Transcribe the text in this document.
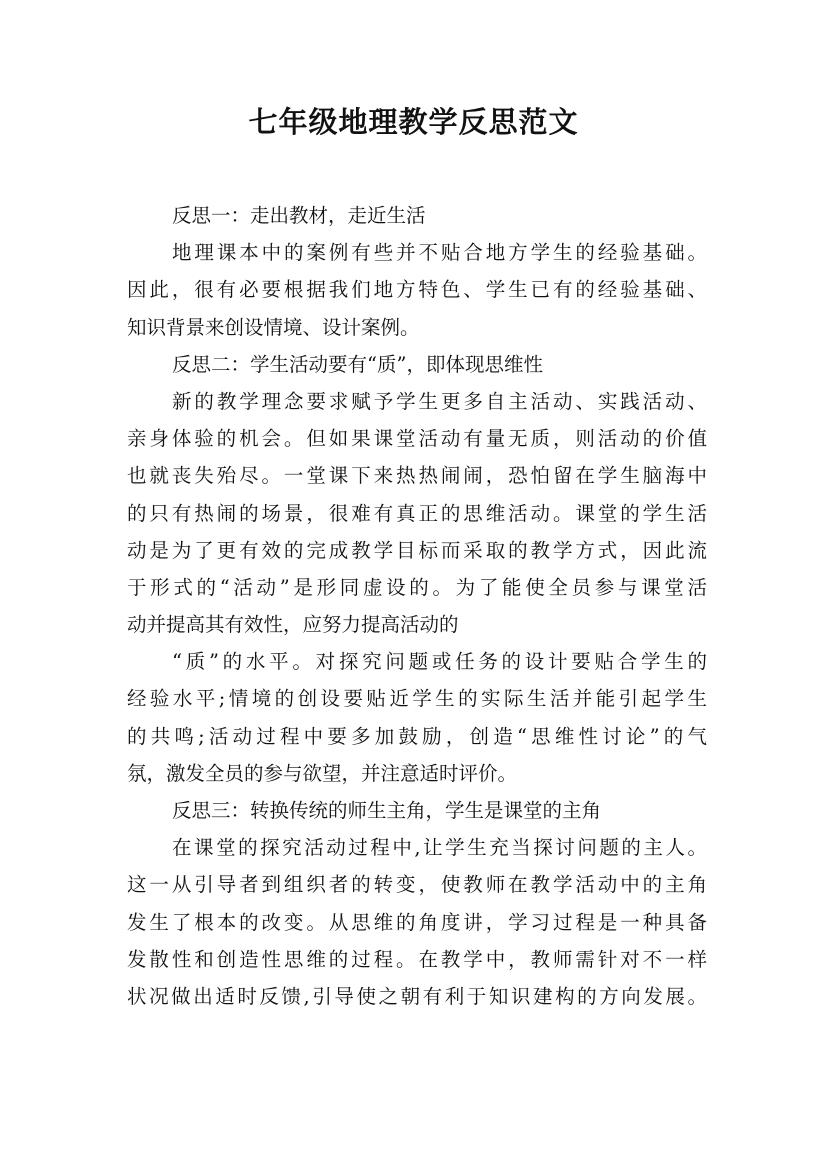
七年级地理教学反思范文
反思一：走出教材，走近生活
地理课本中的案例有些并不贴合地方学生的经验基础。
因此，很有必要根据我们地方特色、学生已有的经验基础、
知识背景来创设情境、设计案例。
反思二：学生活动要有“质”，即体现思维性
新的教学理念要求赋予学生更多自主活动、实践活动、
亲身体验的机会。但如果课堂活动有量无质，则活动的价值
也就丧失殆尽。一堂课下来热热闹闹，恐怕留在学生脑海中
的只有热闹的场景，很难有真正的思维活动。课堂的学生活
动是为了更有效的完成教学目标而采取的教学方式，因此流
于形式的“活动”是形同虚设的。为了能使全员参与课堂活
动并提高其有效性，应努力提高活动的
“质”的水平。对探究问题或任务的设计要贴合学生的
经验水平;情境的创设要贴近学生的实际生活并能引起学生
的共鸣;活动过程中要多加鼓励，创造“思维性讨论”的气
氛，激发全员的参与欲望，并注意适时评价。
反思三：转换传统的师生主角，学生是课堂的主角
在课堂的探究活动过程中,让学生充当探讨问题的主人。
这一从引导者到组织者的转变，使教师在教学活动中的主角
发生了根本的改变。从思维的角度讲，学习过程是一种具备
发散性和创造性思维的过程。在教学中，教师需针对不一样
状况做出适时反馈,引导使之朝有利于知识建构的方向发展。
